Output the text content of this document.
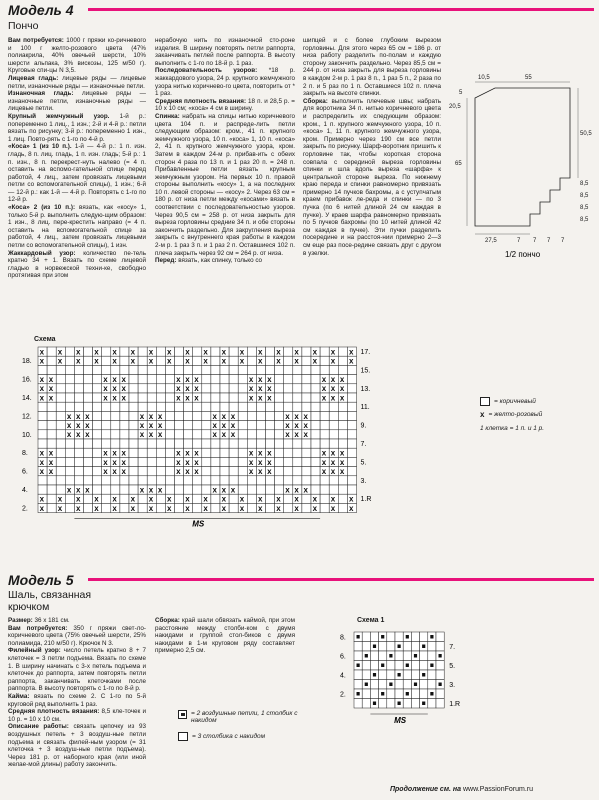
Модель 4
Пончо

Вам потребуется: 1000 г пряжи ко-ричневого и 100 г желто-розового цвета (47% полиакрила, 40% овечьей шерсти, 10% шерсти альпака, 3% вискозы, 125 м/50 г). Круговые спи-цы N 3,5.

Лицевая гладь: лицевые ряды — лицевые петли, изнаночные ряды — изнаночные петли.

Изнаночная гладь: лицевые ряды — изнаночные петли, изнаночные ряды — лицевые петли.

Крупный жемчужный узор. 1-й р.: попеременно 1 лиц., 1 изн.; 2-й и 4-й р.: петли вязать по рисунку; 3-й р.: попеременно 1 изн., 1 лиц. Повто-рять с 1-го по 4-й р.

«Коса» 1 (из 10 п.). 1-й — 4-й р.: 1 п. изн. гладь, 8 п. лиц. гладь, 1 п. изн. гладь; 5-й р.: 1 п. изн., 8 п. перекрест-нуть налево (= 4 п. оставить на вспомо-гательной спице перед работой, 4 лиц., затем провязать лицевыми петли со вспомогательной спицы), 1 изн.; 6-й — 12-й р.: как 1-й — 4-й р. Повторять с 1-го по 12-й р.

«Коса» 2 (из 10 п.): вязать, как «косу» 1, только 5-й р. выполнить следую-щим образом: 1 изн., 8 лиц. пере-крестить направо (= 4 п. оставить на вспомогательной спице за работой, 4 лиц., затем провязать лицевыми петли со вспомогательной спицы), 1 изн.

Жаккардовый узор: количество пе-тель кратно 34 + 1. Вязать по схеме лицевой гладью в норвежской техни-ке, свободно протягивая при этом

нерабочую нить по изнаночной сто-роне изделия. В ширину повторять петли раппорта, заканчивать петлей после раппорта. В высоту выполнить с 1-го по 18-й р. 1 раз.

Последовательность узоров: *18 р. жаккардового узора, 24 р. крупного жемчужного узора нитью коричнево-го цвета, повторить от * 1 раз.

Средняя плотность вязания: 18 п. и 28,5 р. = 10 х 10 см; «коса» 4 см в ширину.

Спинка: набрать на спицы нитью коричневого цвета 104 п. и распреде-лить петли следующим образом: кром., 41 п. крупного жемчужного узора, 10 п. «коса» 1, 10 п. «коса» 2, 41 п. крупного жемчужного узора, кром. Затем в каждом 24-м р. прибав-ить с обеих сторон 4 раза по 13 п. и 1 раз 20 п. = 248 п. Прибавленные петли вязать крупным жемчужным узором. На первых 10 п. правой стороны выполнить «косу» 1, а на последних 10 п. левой стороны — «косу» 2. Через 63 см = 180 р. от низа петли между «косами» вязать в соответствии с последовательностью узоров. Через 90,5 см = 258 р. от низа закрыть для выреза горловины средние 34 п. и обе стороны закончить раздельно. Для закругления выреза закрыть с внутреннего края работы в каждом 2-м р. 1 раз 3 п. и 1 раз 2 п. Оставшиеся 102 п. плеча закрыть через 92 см = 264 р. от низа.

Перед: вязать, как спинку, только со

шипцей и с более глубоким вырезом горловины. Для этого через 65 см = 186 р. от низа работу разделить по-полам и каждую сторону закончить раздельно. Через 85,5 см = 244 р. от низа закрыть для выреза горловины в каждом 2-м р. 1 раз 8 п., 1 раз 5 п., 2 раза по 2 п. и 5 раз по 1 п. Оставшиеся 102 п. плеча закрыть на высоте спинки.

Сборка: выполнить плечевые швы; набрать для воротника 34 п. нитью коричневого цвета и распределить их следующим образом: кром., 1 п. крупного жемчужного узора, 10 п. «коса» 1, 11 п. крупного жемчужного узора, кром. Примерно через 190 см все петли закрыть по рисунку. Шарф-воротник пришить к горловине так, чтобы короткая сторона совпала с серединой выреза горловины спинки и шла вдоль выреза «шарфа» к центральной стороне выреза. По нижнему краю переда и спинки равномерно привязать примерно 14 пучков бахромы, а с уступчатым краем прибавок ле-реда и спинки — по 3 пучка (по 6 нитей длиной 24 см каждая в пучке). У краев шарфа равномерно привязать по 5 пучков бахромы (по 10 нитей длиной 42 см каждая в пучке). Эти пучки разделить посередине и на расстоя-нии примерно 2—3 см еще раз посе-редине связать друг с другом в узелки.

10,5	55
5
20,5
65
50,5
8,5
8,5
8,5
8,5
27,5	7 7 7 7
1/2 пончо
Схема
x x x x x x x x x x x x x x x x x x
x x x x x x x x x x x x x x x x x x
x x	x x x	x x x	x x x	x x x
x x	x x x	x x x	x x x	x x x
x x	x x x	x x x	x x x	x x x
x x x	x x x	x x x	x x x
x x x	x x x	x x x	x x x
x x x	x x x	x x x	x x x
x x	x x x	x x x	x x x	x x x
x x	x x x	x x x	x x x	x x x
x x	x x x	x x x	x x x	x x x
x x x	x x x	x x x	x x x
x x x x x x x x x x x x x x x x x x
x x x x x x x x x x x x x x x x x x
18.
16.
14.
12.
10.
8.
6.
4.
2.
17.
15.
13.
11.
9.
7.
5.
3.
1.R
MS
= коричневый
x = желто-розовый
1 клетка = 1 п. и 1 р.
Модель 5
Шаль, связанная
крючком

Размер: 36 х 181 см.

Вам потребуется: 350 г пряжи свет-ло-коричневого цвета (75% овечьей шерсти, 25% полиамида, 210 м/50 г). Крючок N 3.

Филейный узор: число петель кратно 8 + 7 клеточек = 3 петли подъема. Вязать по схеме 1. В ширину начинать с 3-х петель подъема и клеточек до раппорта, затем повторять петли раппорта, заканчивать клеточками после раппорта. В высоту повторять с 1-го по 8-й р.

Кайма: вязать по схеме 2. С 1-го по 5-й круговой ряд выполнить 1 раз.

Средняя плотность вязания: 8,5 кле-точек и 10 р. = 10 х 10 см.

Описание работы: связать цепочку из 93 воздушных петель + 3 воздуш-ные петли подъема и связать филей-ным узором (= 31 клеточка + 3 воздуш-ные петли подъема). Через 181 р. от наборного края (или иной желае-мой длины) работу закончить.

Сборка: край шали обвязать каймой, при этом расстояние между столби-ком с двумя накидами и группой стол-биков с двумя накидами в 1-м круговом ряду составляет примерно 2,5 см.

= 2 воздушные петли, 1 столбик с накидом
= 3 столбика с накидом
Схема 1
8.
6.
4.
2.
7.
5.
3.
1.R
MS
Продолжение см. на www.PassionForum.ru
